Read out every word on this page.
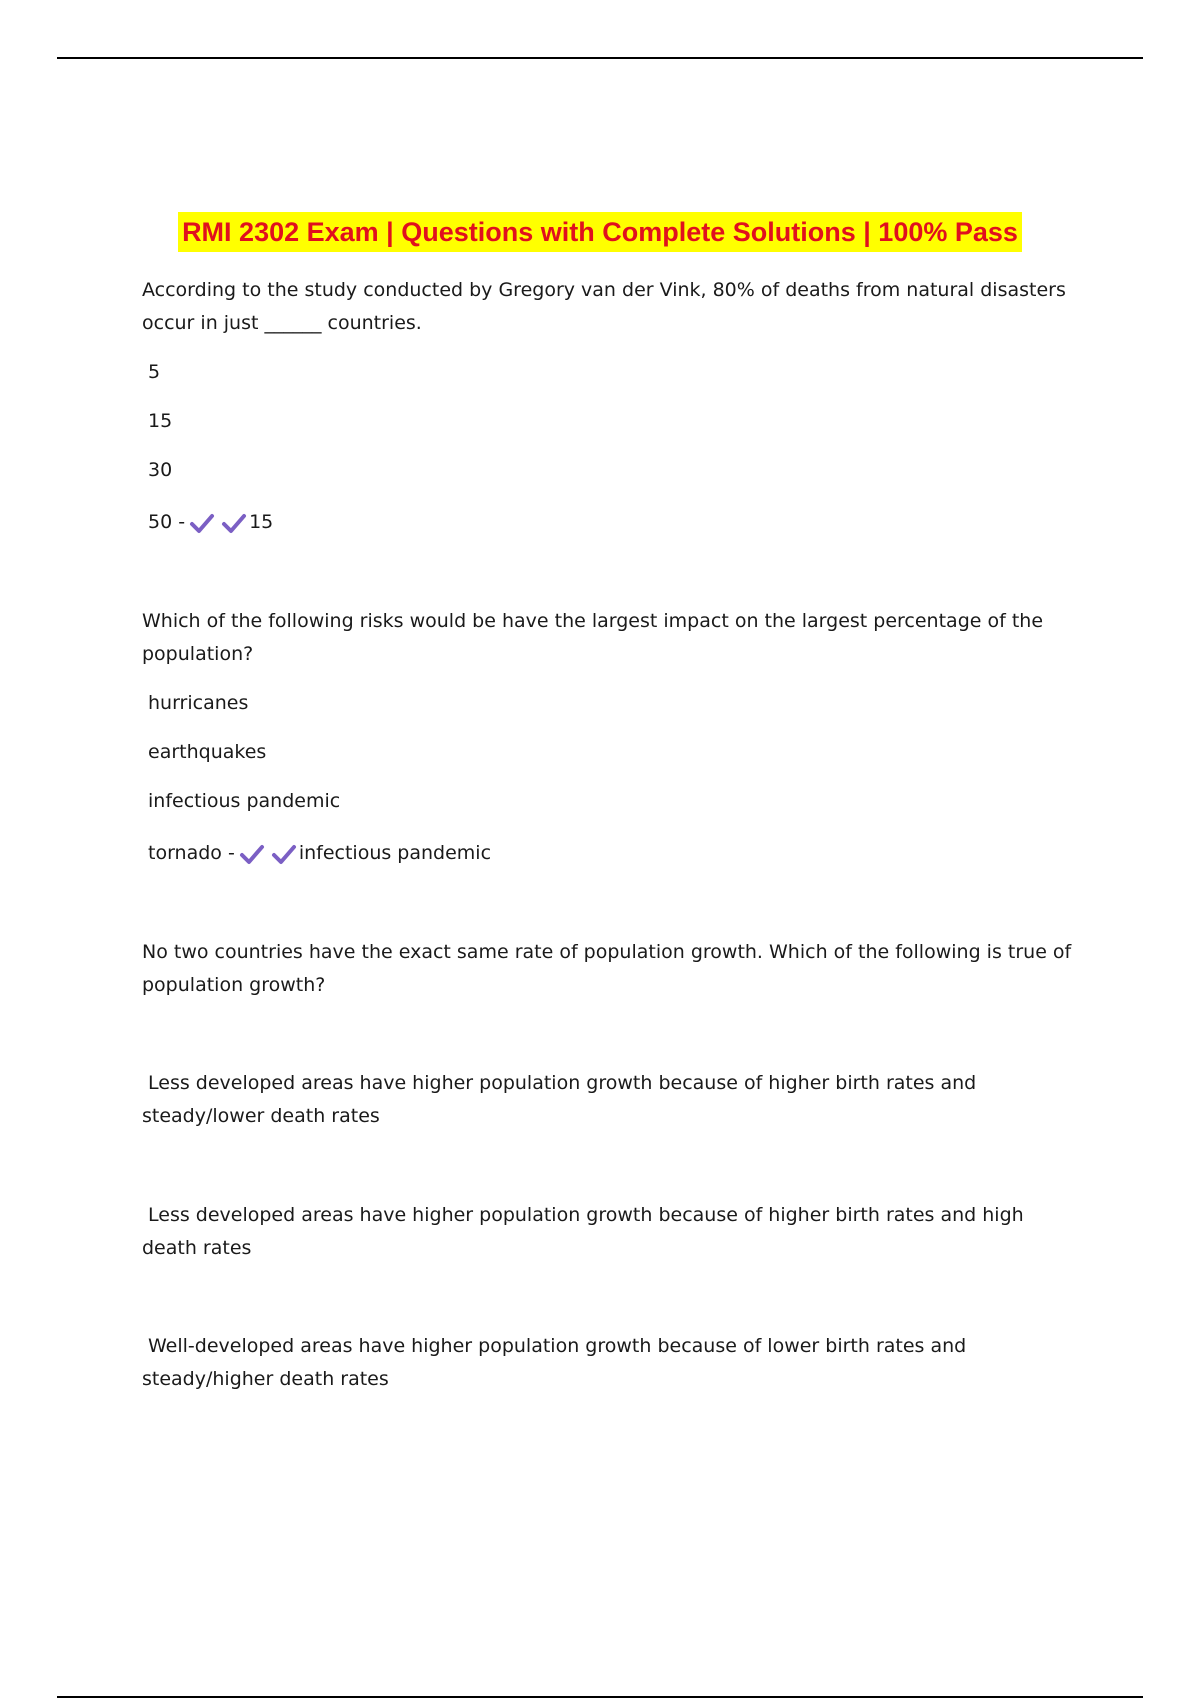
RMI 2302 Exam | Questions with Complete Solutions | 100% Pass

According to the study conducted by Gregory van der Vink, 80% of deaths from natural disasters occur in just ______ countries.

5
15
30
50 -	15

Which of the following risks would be have the largest impact on the largest percentage of the population?

hurricanes
earthquakes
infectious pandemic
tornado -	infectious pandemic

No two countries have the exact same rate of population growth. Which of the following is true of population growth?

Less developed areas have higher population growth because of higher birth rates and steady/lower death rates
Less developed areas have higher population growth because of higher birth rates and high death rates
Well-developed areas have higher population growth because of lower birth rates and steady/higher death rates
